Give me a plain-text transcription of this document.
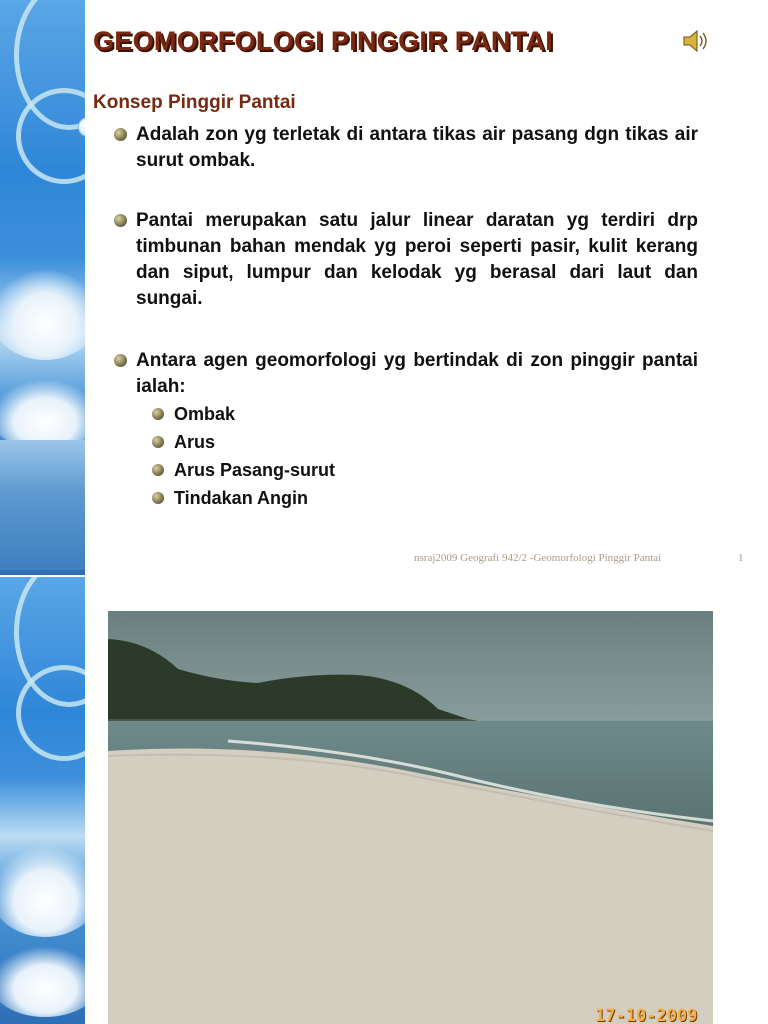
GEOMORFOLOGI PINGGIR PANTAI
Konsep Pinggir Pantai
Adalah zon yg terletak di antara tikas air pasang dgn tikas air surut ombak.
Pantai merupakan satu jalur linear daratan yg terdiri drp timbunan bahan mendak yg peroi seperti pasir, kulit kerang dan siput, lumpur dan kelodak yg berasal dari laut dan sungai.
Antara agen geomorfologi yg bertindak di zon pinggir pantai ialah:
Ombak
Arus
Arus Pasang-surut
Tindakan Angin
nsraj2009 Geografi 942/2 -Geomorfologi Pinggir Pantai	1
17-10-2009
